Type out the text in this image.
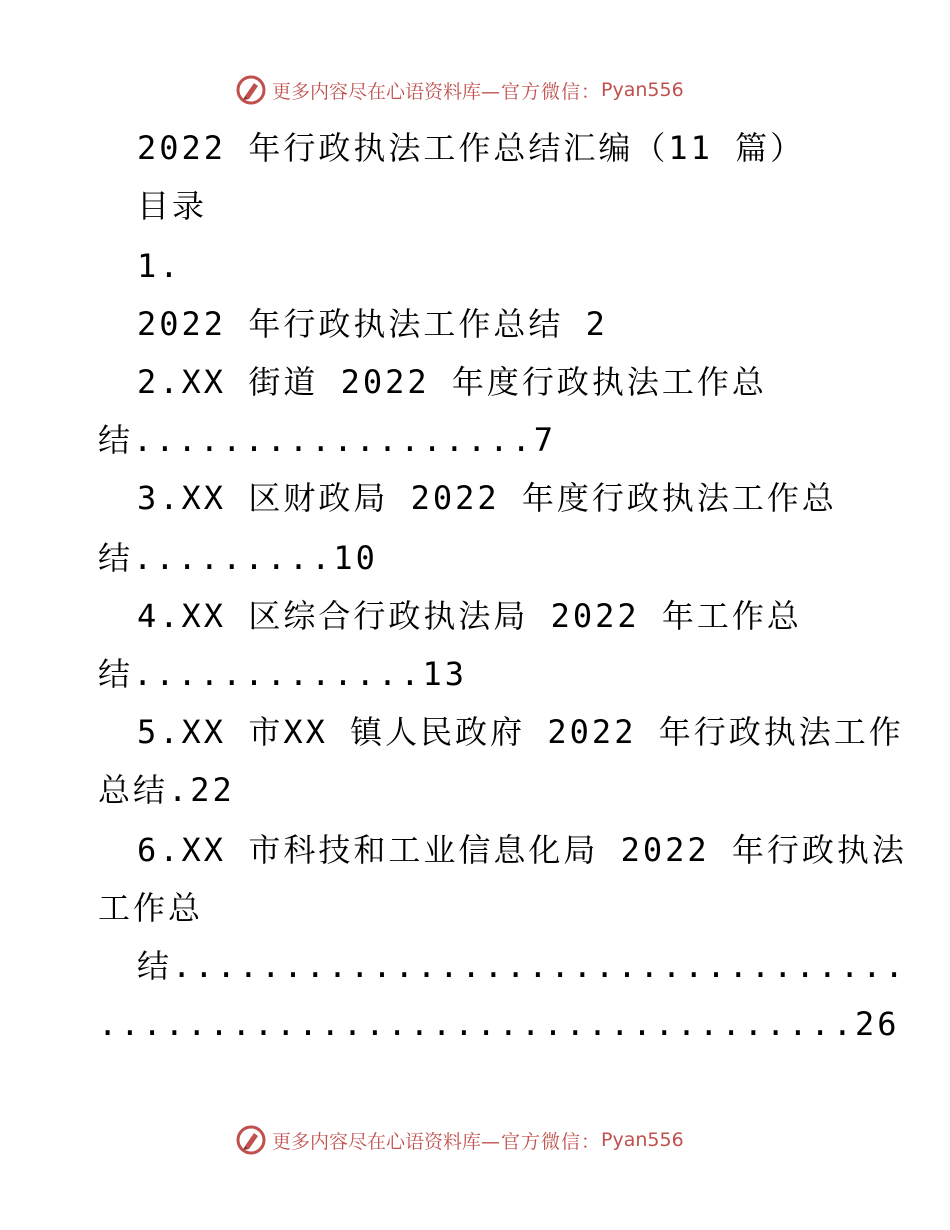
更多内容尽在心语资料库 —官方微信： Pyan556
2022 年行政执法工作总结汇编（11 篇）
目录
1.
2022 年行政执法工作总结 2
2.XX 街道 2022 年度行政执法工作总
结..................7
3.XX 区财政局 2022 年度行政执法工作总
结.........10
4.XX 区综合行政执法局 2022 年工作总
结.............13
5.XX 市XX 镇人民政府 2022 年行政执法工作
总结.22
6.XX 市科技和工业信息化局 2022 年行政执法
工作总
结.................................
..................................26
更多内容尽在心语资料库 —官方微信： Pyan556
